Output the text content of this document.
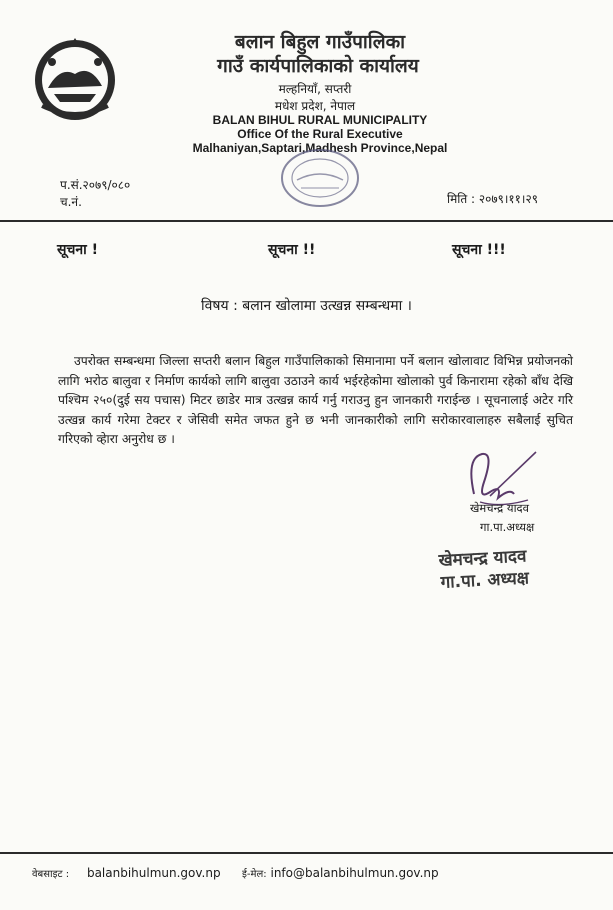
बलान बिहुल गाउँपालिका
गाउँ कार्यपालिकाको कार्यालय
मल्हनियाँ, सप्तरी
मधेश प्रदेश, नेपाल
BALAN BIHUL RURAL MUNICIPALITY
Office Of the Rural Executive
Malhaniyan,Saptari,Madhesh Province,Nepal
प.सं.२०७९/०८०
च.नं.	मिति : २०७९।११।२९
सूचना !	सूचना !!	सूचना !!!
विषय : बलान खोलामा उत्खन्न सम्बन्धमा ।
उपरोक्त सम्बन्धमा जिल्ला सप्तरी बलान बिहुल गाउँपालिकाको सिमानामा पर्ने बलान खोलावाट विभिन्न प्रयोजनको लागि भरोठ बालुवा र निर्माण कार्यको लागि बालुवा उठाउने कार्य भईरहेकोमा खोलाको पुर्व किनारामा रहेको बाँध देखि पश्चिम २५०(दुई सय पचास) मिटर छाडेर मात्र उत्खन्न कार्य गर्नु गराउनु हुन जानकारी गराईन्छ । सूचनालाई अटेर गरि उत्खन्न कार्य गरेमा टेक्टर र जेसिवी समेत जफत हुने छ भनी जानकारीको लागि सरोकारवालाहरु सबैलाई सुचित गरिएको व्हेारा अनुरोध छ ।
खेमचन्द्र यादव
गा.पा.अध्यक्ष
खेमचन्द्र यादव
गा.पा. अध्यक्ष
वेबसाइट : balanbihulmun.gov.np ई-मेल: info@balanbihulmun.gov.np
